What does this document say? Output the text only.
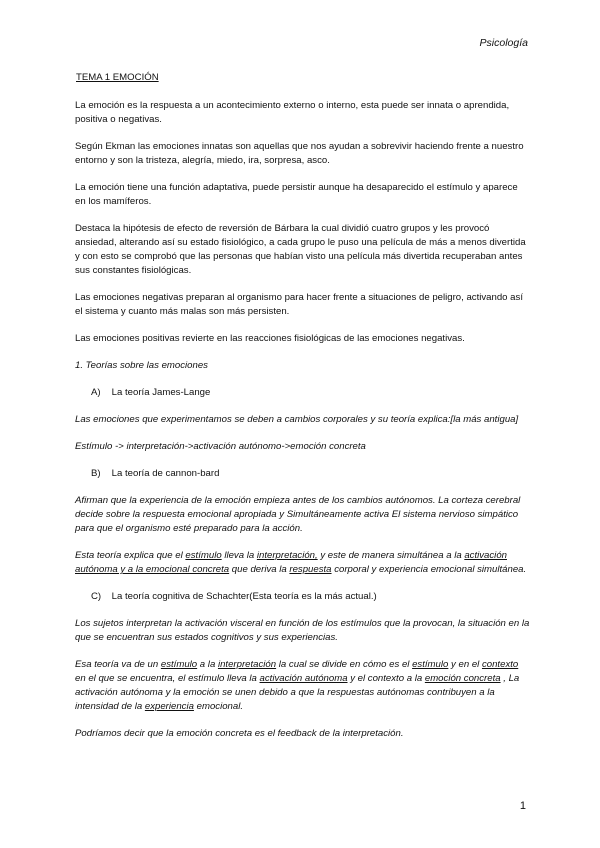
Psicología
TEMA 1 EMOCIÓN

La emoción es la respuesta a un acontecimiento externo o interno, esta puede ser innata o aprendida, positiva o negativas.

Según Ekman las emociones innatas son aquellas que nos ayudan a sobrevivir haciendo frente a nuestro entorno y son la tristeza, alegría, miedo, ira, sorpresa, asco.

La emoción tiene una función adaptativa, puede persistir aunque ha desaparecido el estímulo y aparece en los mamíferos.

Destaca la hipótesis de efecto de reversión de Bárbara la cual dividió cuatro grupos y les provocó ansiedad, alterando así su estado fisiológico, a cada grupo le puso una película de más a menos divertida y con esto se comprobó que las personas que habían visto una película más divertida recuperaban antes sus constantes fisiológicas.

Las emociones negativas preparan al organismo para hacer frente a situaciones de peligro, activando así el sistema y cuanto más malas son más persisten.

Las emociones positivas revierte en las reacciones fisiológicas de las emociones negativas.

1. Teorías sobre las emociones

A) La teoría James-Lange

Las emociones que experimentamos se deben a cambios corporales y su teoría explica:[la más antigua]

Estímulo -> interpretación->activación autónomo->emoción concreta

B) La teoría de cannon-bard

Afirman que la experiencia de la emoción empieza antes de los cambios autónomos. La corteza cerebral decide sobre la respuesta emocional apropiada y Simultáneamente activa El sistema nervioso simpático para que el organismo esté preparado para la acción.

Esta teoría explica que el estímulo lleva la interpretación, y este de manera simultánea a la activación autónoma y a la emocional concreta que deriva la respuesta corporal y experiencia emocional simultánea.

C) La teoría cognitiva de Schachter(Esta teoría es la más actual.)

Los sujetos interpretan la activación visceral en función de los estímulos que la provocan, la situación en la que se encuentran sus estados cognitivos y sus experiencias.

Esa teoría va de un estímulo a la interpretación la cual se divide en cómo es el estímulo y en el contexto en el que se encuentra, el estímulo lleva la activación autónoma y el contexto a la emoción concreta , La activación autónoma y la emoción se unen debido a que la respuestas autónomas contribuyen a la intensidad de la experiencia emocional.

Podríamos decir que la emoción concreta es el feedback de la interpretación.

1
